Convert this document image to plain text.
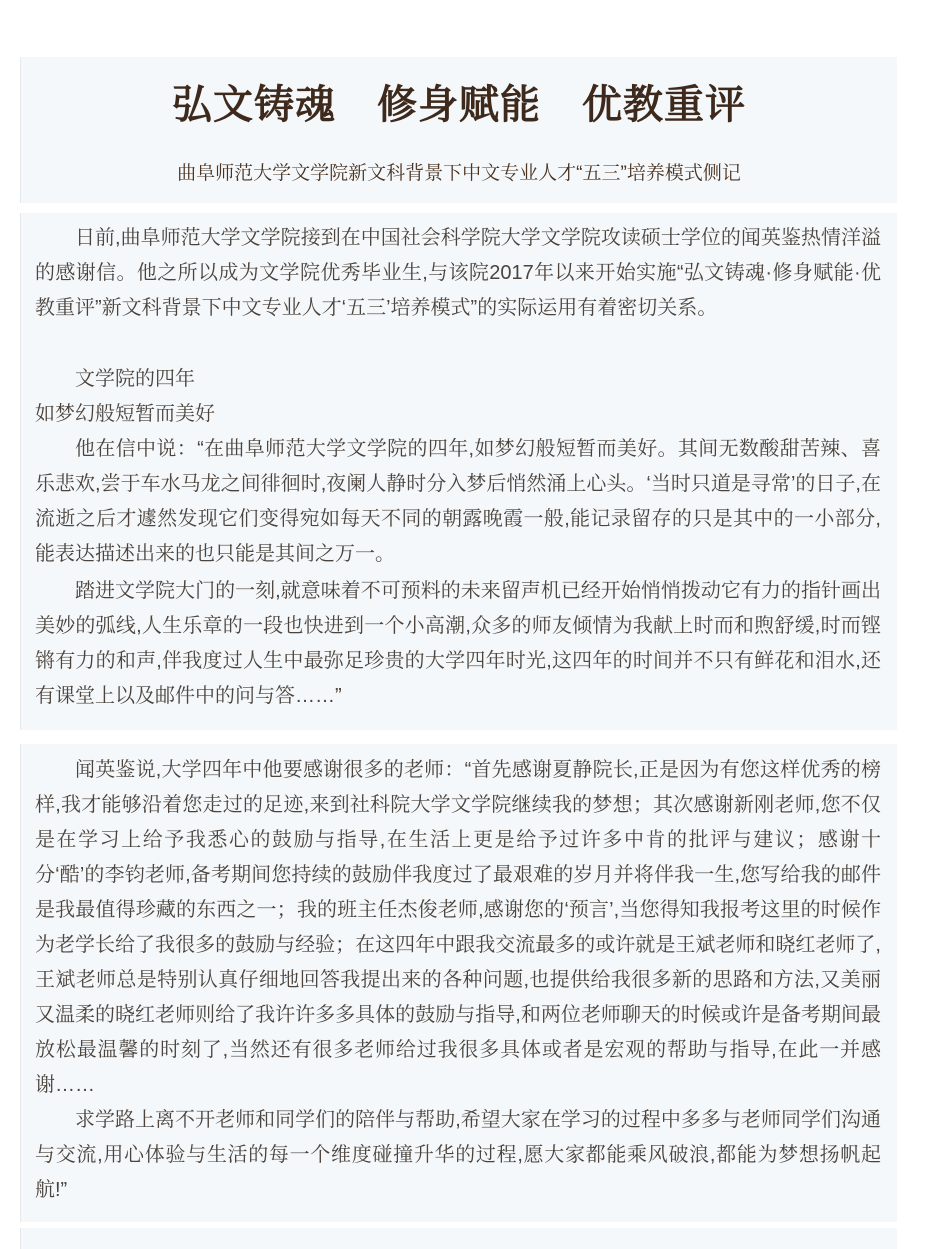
弘文铸魂　修身赋能　优教重评

曲阜师范大学文学院新文科背景下中文专业人才“五三”培养模式侧记

日前,曲阜师范大学文学院接到在中国社会科学院大学文学院攻读硕士学位的闻英鉴热情洋溢的感谢信。他之所以成为文学院优秀毕业生,与该院2017年以来开始实施“弘文铸魂·修身赋能·优教重评”新文科背景下中文专业人才‘五三’培养模式”的实际运用有着密切关系。

文学院的四年

如梦幻般短暂而美好

他在信中说：“在曲阜师范大学文学院的四年,如梦幻般短暂而美好。其间无数酸甜苦辣、喜乐悲欢,尝于车水马龙之间徘徊时,夜阑人静时分入梦后悄然涌上心头。‘当时只道是寻常’的日子,在流逝之后才遽然发现它们变得宛如每天不同的朝露晚霞一般,能记录留存的只是其中的一小部分,能表达描述出来的也只能是其间之万一。

踏进文学院大门的一刻,就意味着不可预料的未来留声机已经开始悄悄拨动它有力的指针画出美妙的弧线,人生乐章的一段也快进到一个小高潮,众多的师友倾情为我献上时而和煦舒缓,时而铿锵有力的和声,伴我度过人生中最弥足珍贵的大学四年时光,这四年的时间并不只有鲜花和泪水,还有课堂上以及邮件中的问与答……”

闻英鉴说,大学四年中他要感谢很多的老师：“首先感谢夏静院长,正是因为有您这样优秀的榜样,我才能够沿着您走过的足迹,来到社科院大学文学院继续我的梦想；其次感谢新刚老师,您不仅是在学习上给予我悉心的鼓励与指导,在生活上更是给予过许多中肯的批评与建议；感谢十分‘酷’的李钧老师,备考期间您持续的鼓励伴我度过了最艰难的岁月并将伴我一生,您写给我的邮件是我最值得珍藏的东西之一；我的班主任杰俊老师,感谢您的‘预言’,当您得知我报考这里的时候作为老学长给了我很多的鼓励与经验；在这四年中跟我交流最多的或许就是王斌老师和晓红老师了,王斌老师总是特别认真仔细地回答我提出来的各种问题,也提供给我很多新的思路和方法,又美丽又温柔的晓红老师则给了我许许多多具体的鼓励与指导,和两位老师聊天的时候或许是备考期间最放松最温馨的时刻了,当然还有很多老师给过我很多具体或者是宏观的帮助与指导,在此一并感谢……

求学路上离不开老师和同学们的陪伴与帮助,希望大家在学习的过程中多多与老师同学们沟通与交流,用心体验与生活的每一个维度碰撞升华的过程,愿大家都能乘风破浪,都能为梦想扬帆起航!”
